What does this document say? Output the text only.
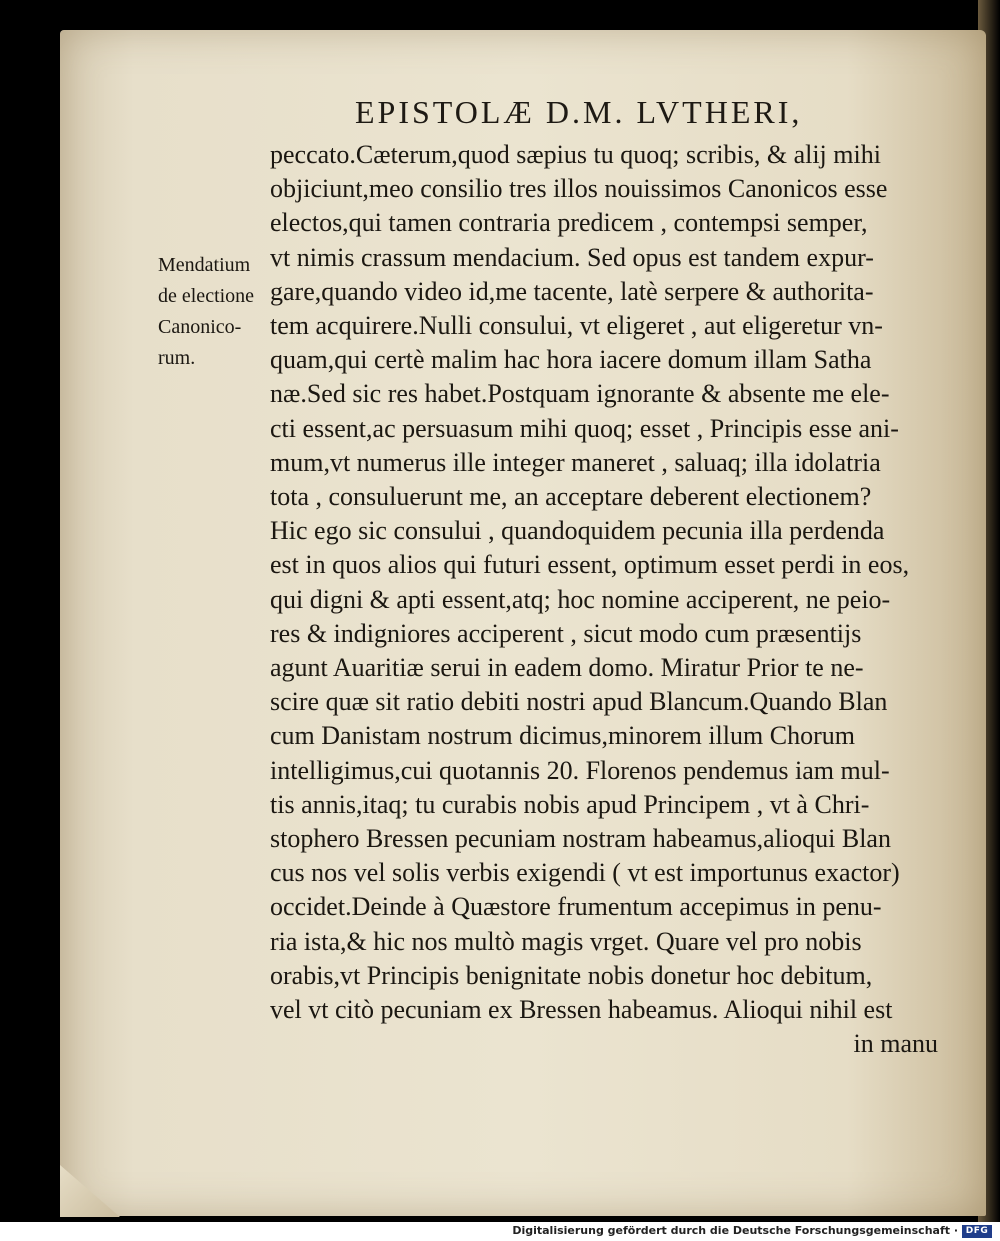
EPISTOLÆ D.M. LVTHERI,
Mendatium
de electione
Canonico-
rum.
peccato.Cæterum,quod sæpius tu quoq; scribis, & alij mihi
objiciunt,meo consilio tres illos nouissimos Canonicos esse
electos,qui tamen contraria predicem , contempsi semper,
vt nimis crassum mendacium. Sed opus est tandem expur-
gare,quando video id,me tacente, latè serpere & authorita-
tem acquirere.Nulli consului, vt eligeret , aut eligeretur vn-
quam,qui certè malim hac hora iacere domum illam Satha
næ.Sed sic res habet.Postquam ignorante & absente me ele-
cti essent,ac persuasum mihi quoq; esset , Principis esse ani-
mum,vt numerus ille integer maneret , saluaq; illa idolatria
tota , consuluerunt me, an acceptare deberent electionem?
Hic ego sic consului , quandoquidem pecunia illa perdenda
est in quos alios qui futuri essent, optimum esset perdi in eos,
qui digni & apti essent,atq; hoc nomine acciperent, ne peio-
res & indigniores acciperent , sicut modo cum præsentijs
agunt Auaritiæ serui in eadem domo. Miratur Prior te ne-
scire quæ sit ratio debiti nostri apud Blancum.Quando Blan
cum Danistam nostrum dicimus,minorem illum Chorum
intelligimus,cui quotannis 20. Florenos pendemus iam mul-
tis annis,itaq; tu curabis nobis apud Principem , vt à Chri-
stophero Bressen pecuniam nostram habeamus,alioqui Blan
cus nos vel solis verbis exigendi ( vt est importunus exactor)
occidet.Deinde à Quæstore frumentum accepimus in penu-
ria ista,& hic nos multò magis vrget. Quare vel pro nobis
orabis,vt Principis benignitate nobis donetur hoc debitum,
vel vt citò pecuniam ex Bressen habeamus. Alioqui nihil est
in manu
Digitalisierung gefördert durch die Deutsche Forschungsgemeinschaft · DFG
